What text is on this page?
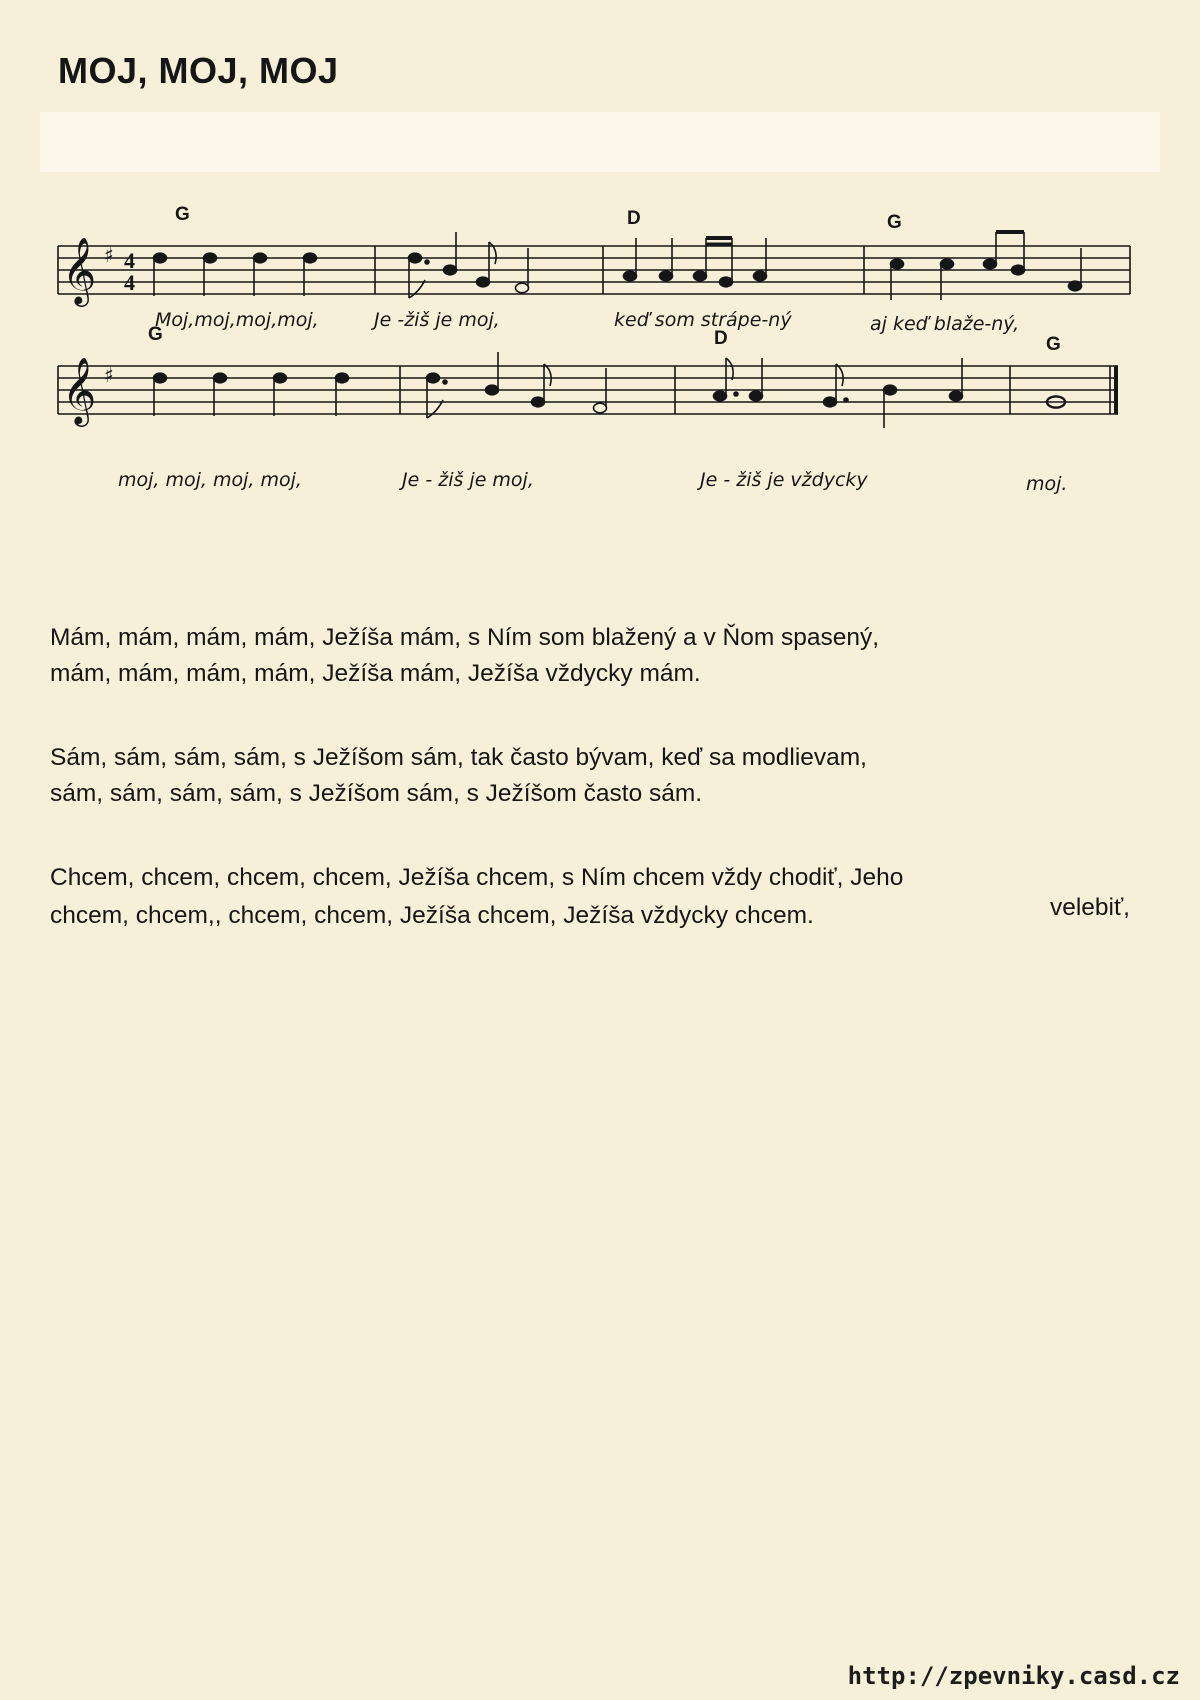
MOJ, MOJ, MOJ
𝄞 ♯ 4
4
G	D	G
Moj,moj,moj,moj,	Je -žiš je moj,	keď som strápe-ný	aj keď blaže-ný,
𝄞 ♯
G	D	G
moj, moj, moj, moj,	Je - žiš je moj,	Je - žiš je vždycky	moj.

Mám, mám, mám, mám, Ježíša mám, s Ním som blažený a v Ňom spasený,

mám, mám, mám, mám, Ježíša mám, Ježíša vždycky mám.

Sám, sám, sám, sám, s Ježíšom sám, tak často bývam, keď sa modlievam,

sám, sám, sám, sám, s Ježíšom sám, s Ježíšom často sám.

Chcem, chcem, chcem, chcem, Ježíša chcem, s Ním chcem vždy chodiť, Jeho

velebiť,

chcem, chcem,, chcem, chcem, Ježíša chcem, Ježíša vždycky chcem.

http://zpevniky.casd.cz
